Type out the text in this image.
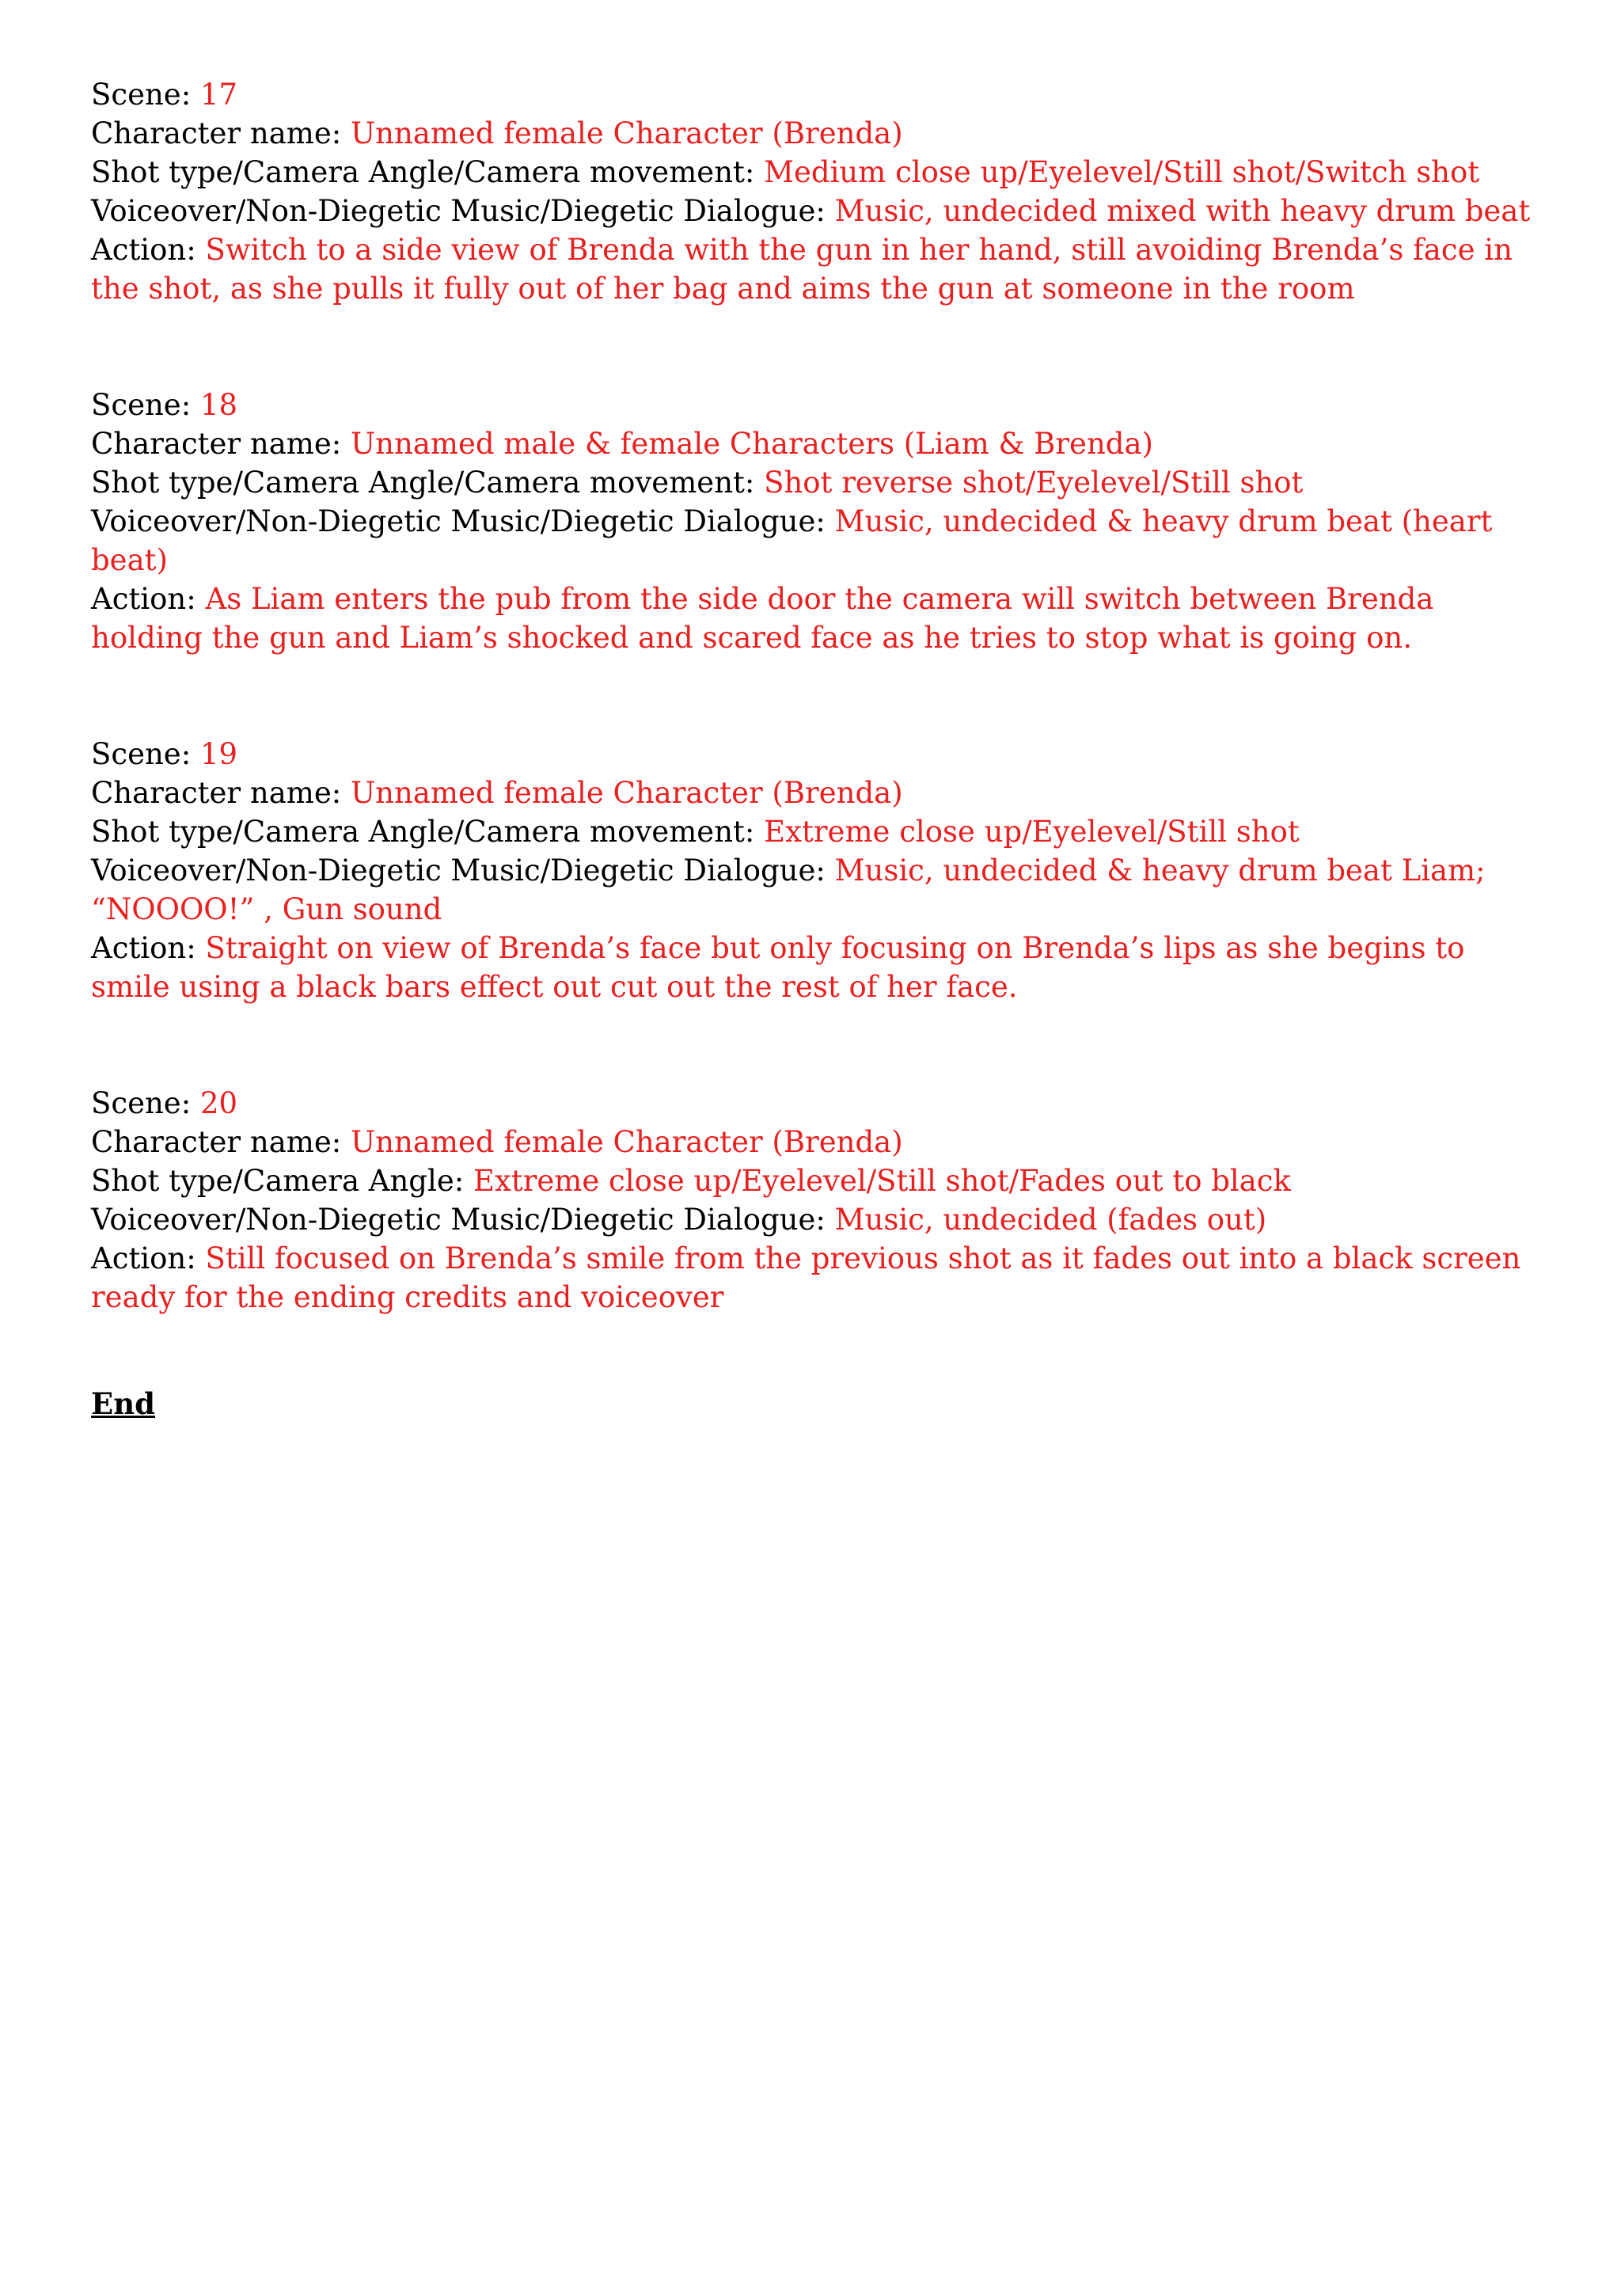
Scene: 17

Character name: Unnamed female Character (Brenda)

Shot type/Camera Angle/Camera movement: Medium close up/Eyelevel/Still shot/Switch shot

Voiceover/Non-Diegetic Music/Diegetic Dialogue: Music, undecided mixed with heavy drum beat

Action: Switch to a side view of Brenda with the gun in her hand, still avoiding Brenda’s face in the shot, as she pulls it fully out of her bag and aims the gun at someone in the room

Scene: 18

Character name: Unnamed male & female Characters (Liam & Brenda)

Shot type/Camera Angle/Camera movement: Shot reverse shot/Eyelevel/Still shot

Voiceover/Non-Diegetic Music/Diegetic Dialogue: Music, undecided & heavy drum beat (heart beat)

Action: As Liam enters the pub from the side door the camera will switch between Brenda holding the gun and Liam’s shocked and scared face as he tries to stop what is going on.

Scene: 19

Character name: Unnamed female Character (Brenda)

Shot type/Camera Angle/Camera movement: Extreme close up/Eyelevel/Still shot

Voiceover/Non-Diegetic Music/Diegetic Dialogue: Music, undecided & heavy drum beat Liam; “NOOOO!” , Gun sound

Action: Straight on view of Brenda’s face but only focusing on Brenda’s lips as she begins to smile using a black bars effect out cut out the rest of her face.

Scene: 20

Character name: Unnamed female Character (Brenda)

Shot type/Camera Angle: Extreme close up/Eyelevel/Still shot/Fades out to black

Voiceover/Non-Diegetic Music/Diegetic Dialogue: Music, undecided (fades out)

Action: Still focused on Brenda’s smile from the previous shot as it fades out into a black screen ready for the ending credits and voiceover

End
